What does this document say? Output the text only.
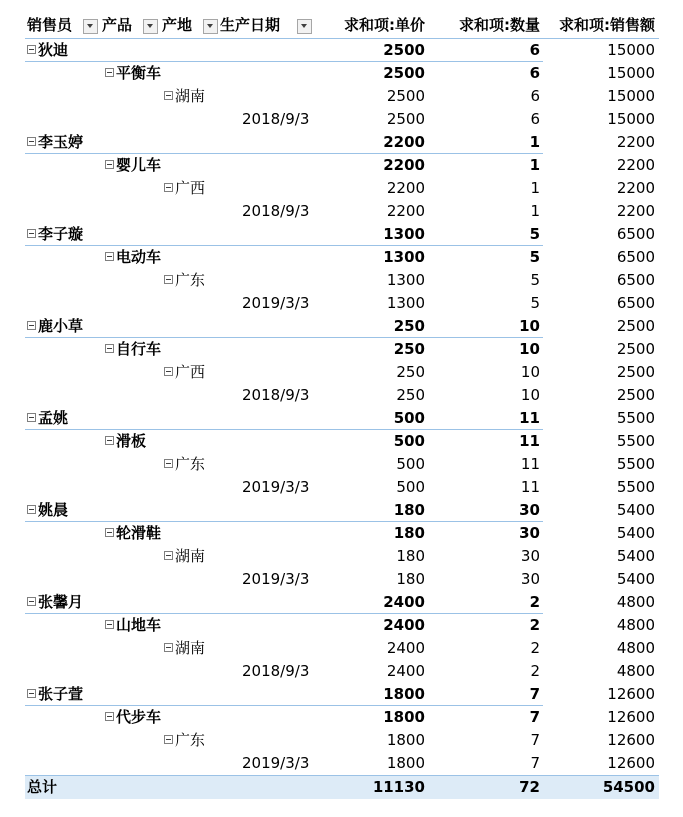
销售员 产品 产地 生产日期	求和项:单价 求和项:数量 求和项:销售额
狄迪	2500	6	15000
平衡车	2500	6	15000
湖南	2500	6	15000
2018/9/3	2500	6	15000
李玉婷	2200	1	2200
婴儿车	2200	1	2200
广西	2200	1	2200
2018/9/3	2200	1	2200
李子璇	1300	5	6500
电动车	1300	5	6500
广东	1300	5	6500
2019/3/3	1300	5	6500
鹿小草	250	10	2500
自行车	250	10	2500
广西	250	10	2500
2018/9/3	250	10	2500
孟姚	500	11	5500
滑板	500	11	5500
广东	500	11	5500
2019/3/3	500	11	5500
姚晨	180	30	5400
轮滑鞋	180	30	5400
湖南	180	30	5400
2019/3/3	180	30	5400
张馨月	2400	2	4800
山地车	2400	2	4800
湖南	2400	2	4800
2018/9/3	2400	2	4800
张子萱	1800	7	12600
代步车	1800	7	12600
广东	1800	7	12600
2019/3/3	1800	7	12600
总计	11130	72	54500
